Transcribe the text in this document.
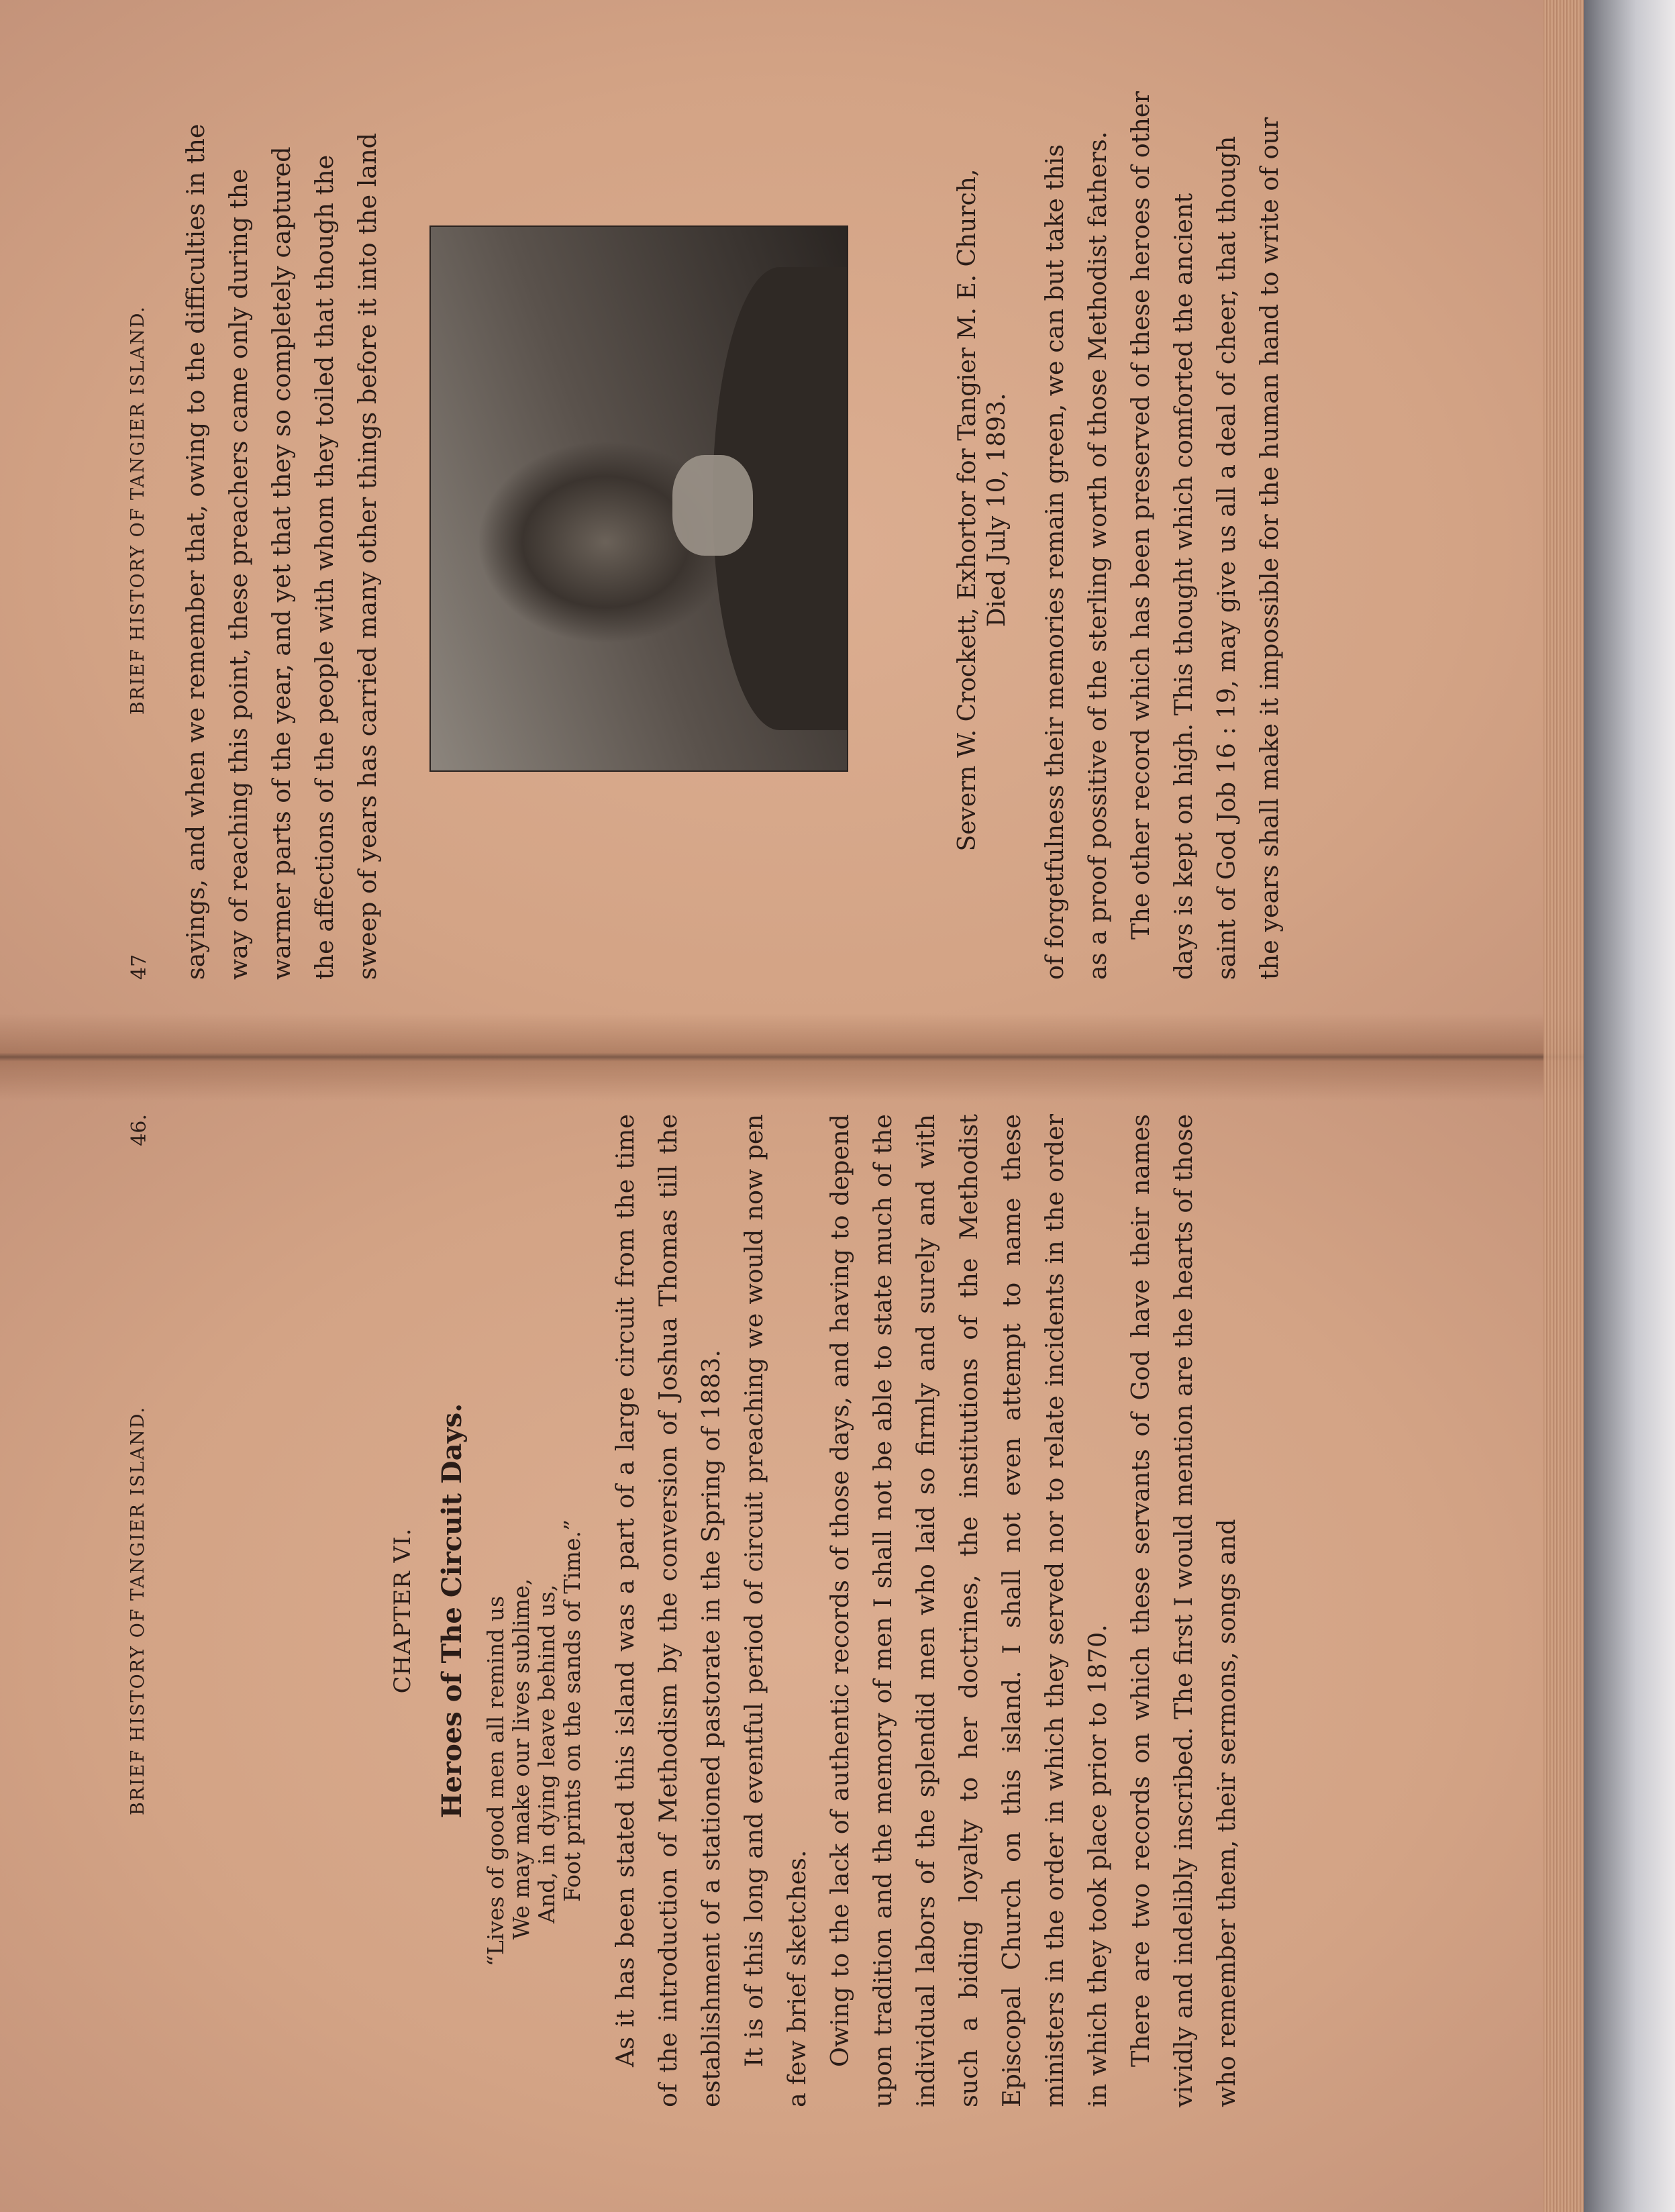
47
BRIEF HISTORY OF TANGIER ISLAND. sayings, and when we remember that, owing to the difficulties in the way of reaching this point, these preachers came only during the warmer parts of the year, and yet that they so completely captured the affections of the people with whom they toiled that though the sweep of years has carried many other things before it into the land	Severn W. Crockett, Exhortor for Tangier M. E. Church, Died July 10, 1893. of forgetfulness their memories remain green, we can but take this as a proof possitive of the sterling worth of those Methodist fathers. The other record which has been preserved of these heroes of other days is kept on high. This thought which comforted the ancient saint of God Job 16 : 19, may give us all a deal of cheer, that though the years shall make it impossible for the human hand to write of our

BRIEF HISTORY OF TANGIER ISLAND.
46.
CHAPTER VI. Heroes of The Circuit Days. “Lives of good men all remind us We may make our lives sublime, And, in dying leave behind us, Foot prints on the sands of Time.” As it has been stated this island was a part of a large circuit from the time of the introduction of Methodism by the conversion of Joshua Thomas till the establishment of a stationed pastorate in the Spring of 1883. It is of this long and eventful period of circuit preaching we would now pen a few brief sketches. Owing to the lack of authentic records of those days, and having to depend upon tradition and the memory of men I shall not be able to state much of the individual labors of the splendid men who laid so firmly and surely and with such a biding loyalty to her doctrines, the institutions of the Methodist Episcopal Church on this island. I shall not even attempt to name these ministers in the order in which they served nor to relate incidents in the order in which they took place prior to 1870. There are two records on which these servants of God have their names vividly and indelibly inscribed. The first I would mention are the hearts of those who remember them, their sermons, songs and
